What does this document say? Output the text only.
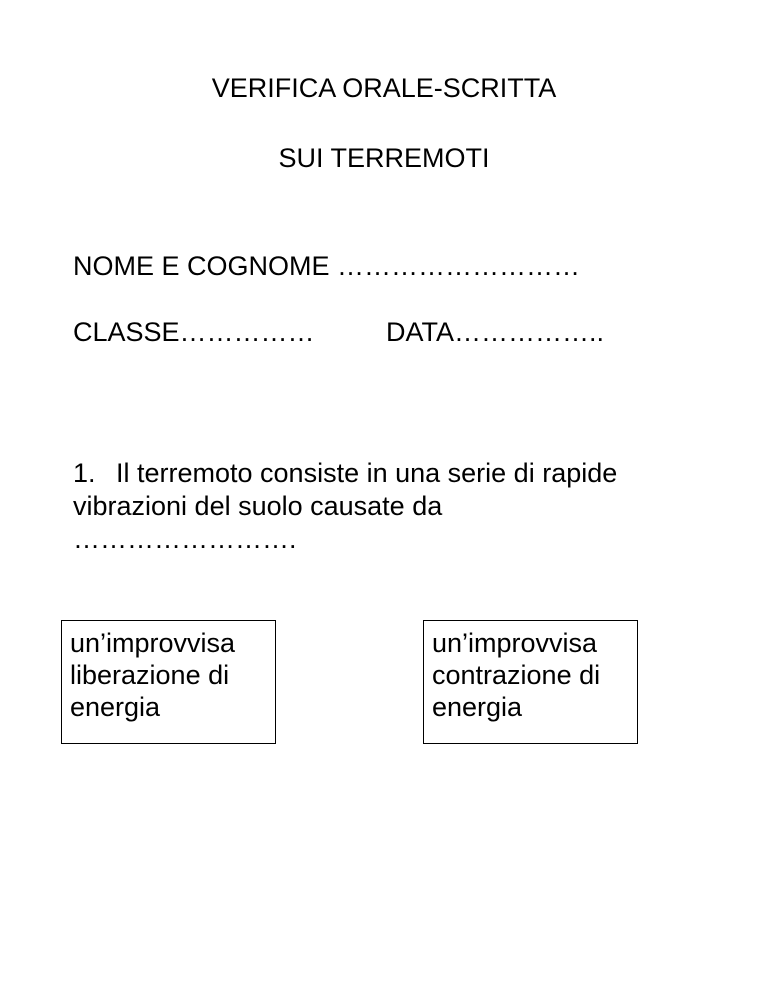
VERIFICA ORALE-SCRITTA
SUI TERREMOTI
NOME E COGNOME ………………………
CLASSE……………	DATA……………..
1. Il terremoto consiste in una serie di rapide
vibrazioni del suolo causate da
…………………….
un’improvvisa
liberazione di
energia
un’improvvisa
contrazione di
energia
